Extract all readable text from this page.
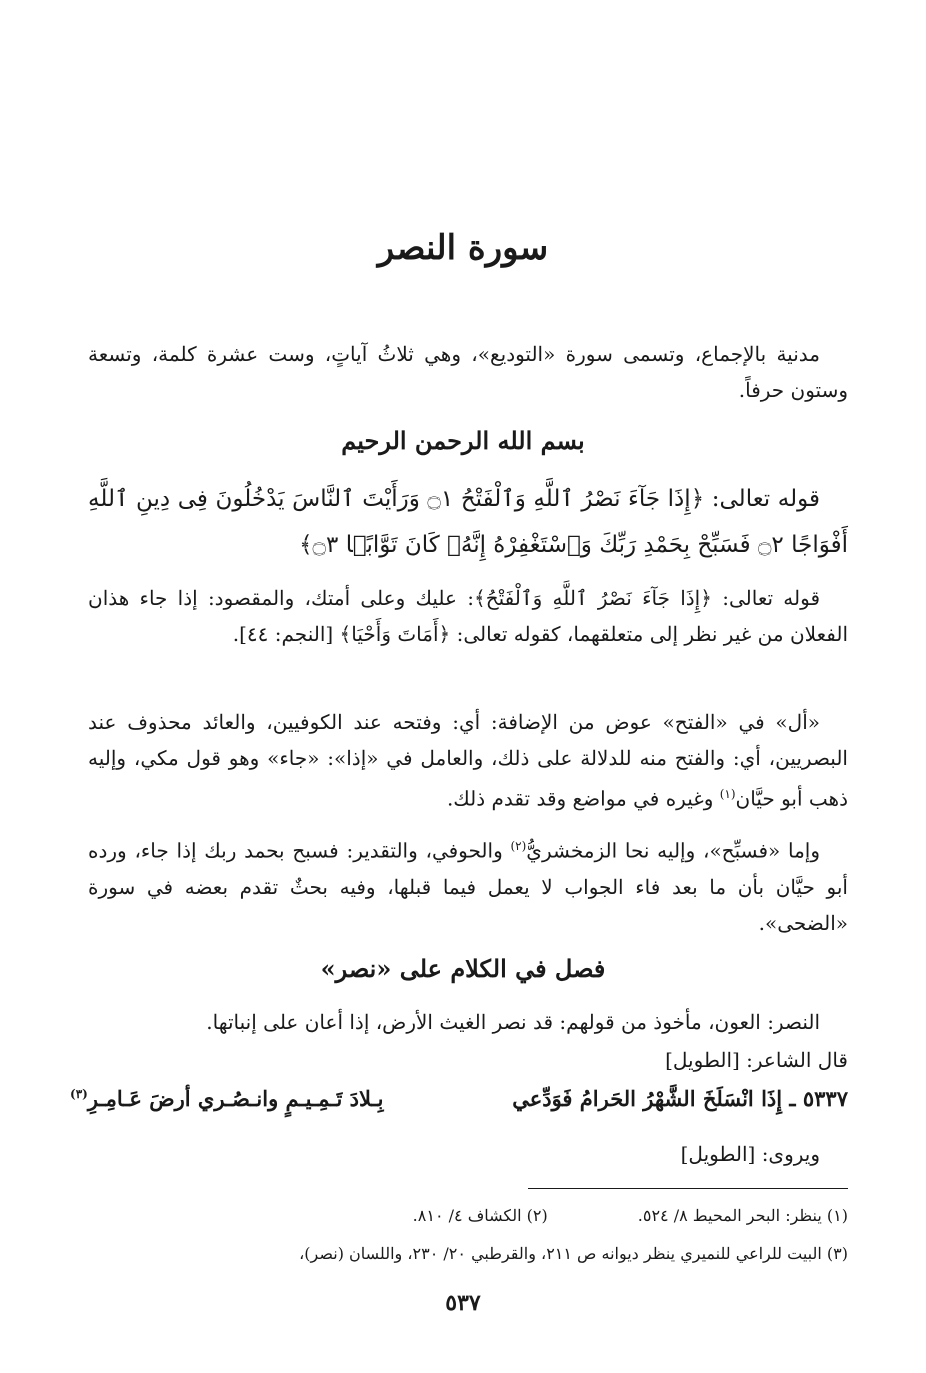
سورة النصر
مدنية بالإجماع، وتسمى سورة «التوديع»، وهي ثلاثُ آياتٍ، وست عشرة كلمة، وتسعة وستون حرفاً.
بسم الله الرحمن الرحيم
قوله تعالى: ﴿إِذَا جَآءَ نَصْرُ ٱللَّهِ وَٱلْفَتْحُ ۝١ وَرَأَيْتَ ٱلنَّاسَ يَدْخُلُونَ فِى دِينِ ٱللَّهِ أَفْوَاجًا ۝٢ فَسَبِّحْ بِحَمْدِ رَبِّكَ وَٱسْتَغْفِرْهُ إِنَّهُۥ كَانَ تَوَّابًۢا ۝٣﴾
قوله تعالى: ﴿إِذَا جَآءَ نَصْرُ ٱللَّهِ وَٱلْفَتْحُ﴾: عليك وعلى أمتك، والمقصود: إذا جاء هذان الفعلان من غير نظر إلى متعلقهما، كقوله تعالى: ﴿أَمَاتَ وَأَحْيَا﴾ [النجم: ٤٤].
«أل» في «الفتح» عوض من الإضافة: أي: وفتحه عند الكوفيين، والعائد محذوف عند البصريين، أي: والفتح منه للدلالة على ذلك، والعامل في «إذا»: «جاء» وهو قول مكي، وإليه ذهب أبو حيَّان$^{(١)}$ وغيره في مواضع وقد تقدم ذلك.
وإما «فسبِّح»، وإليه نحا الزمخشريُّ$^{(٢)}$ والحوفي، والتقدير: فسبح بحمد ربك إذا جاء، ورده أبو حيَّان بأن ما بعد فاء الجواب لا يعمل فيما قبلها، وفيه بحثٌ تقدم بعضه في سورة «الضحى».
فصل في الكلام على «نصر»
النصر: العون، مأخوذ من قولهم: قد نصر الغيث الأرض، إذا أعان على إنباتها.
قال الشاعر: [الطويل]
٥٣٣٧ ـ إِذَا انْسَلَخَ الشَّهْرُ الحَرامُ فَوَدِّعي
بِـلادَ تَـمِـيـمٍ وانـصُـري أرضَ عَـامِـرِ$^{(٣)}$
ويروى: [الطويل]
(١) ينظر: البحر المحيط ٨/ ٥٢٤.
(٢) الكشاف ٤/ ٨١٠.
(٣) البيت للراعي للنميري ينظر ديوانه ص ٢١١، والقرطبي ٢٠/ ٢٣٠، واللسان (نصر)،
٥٣٧
